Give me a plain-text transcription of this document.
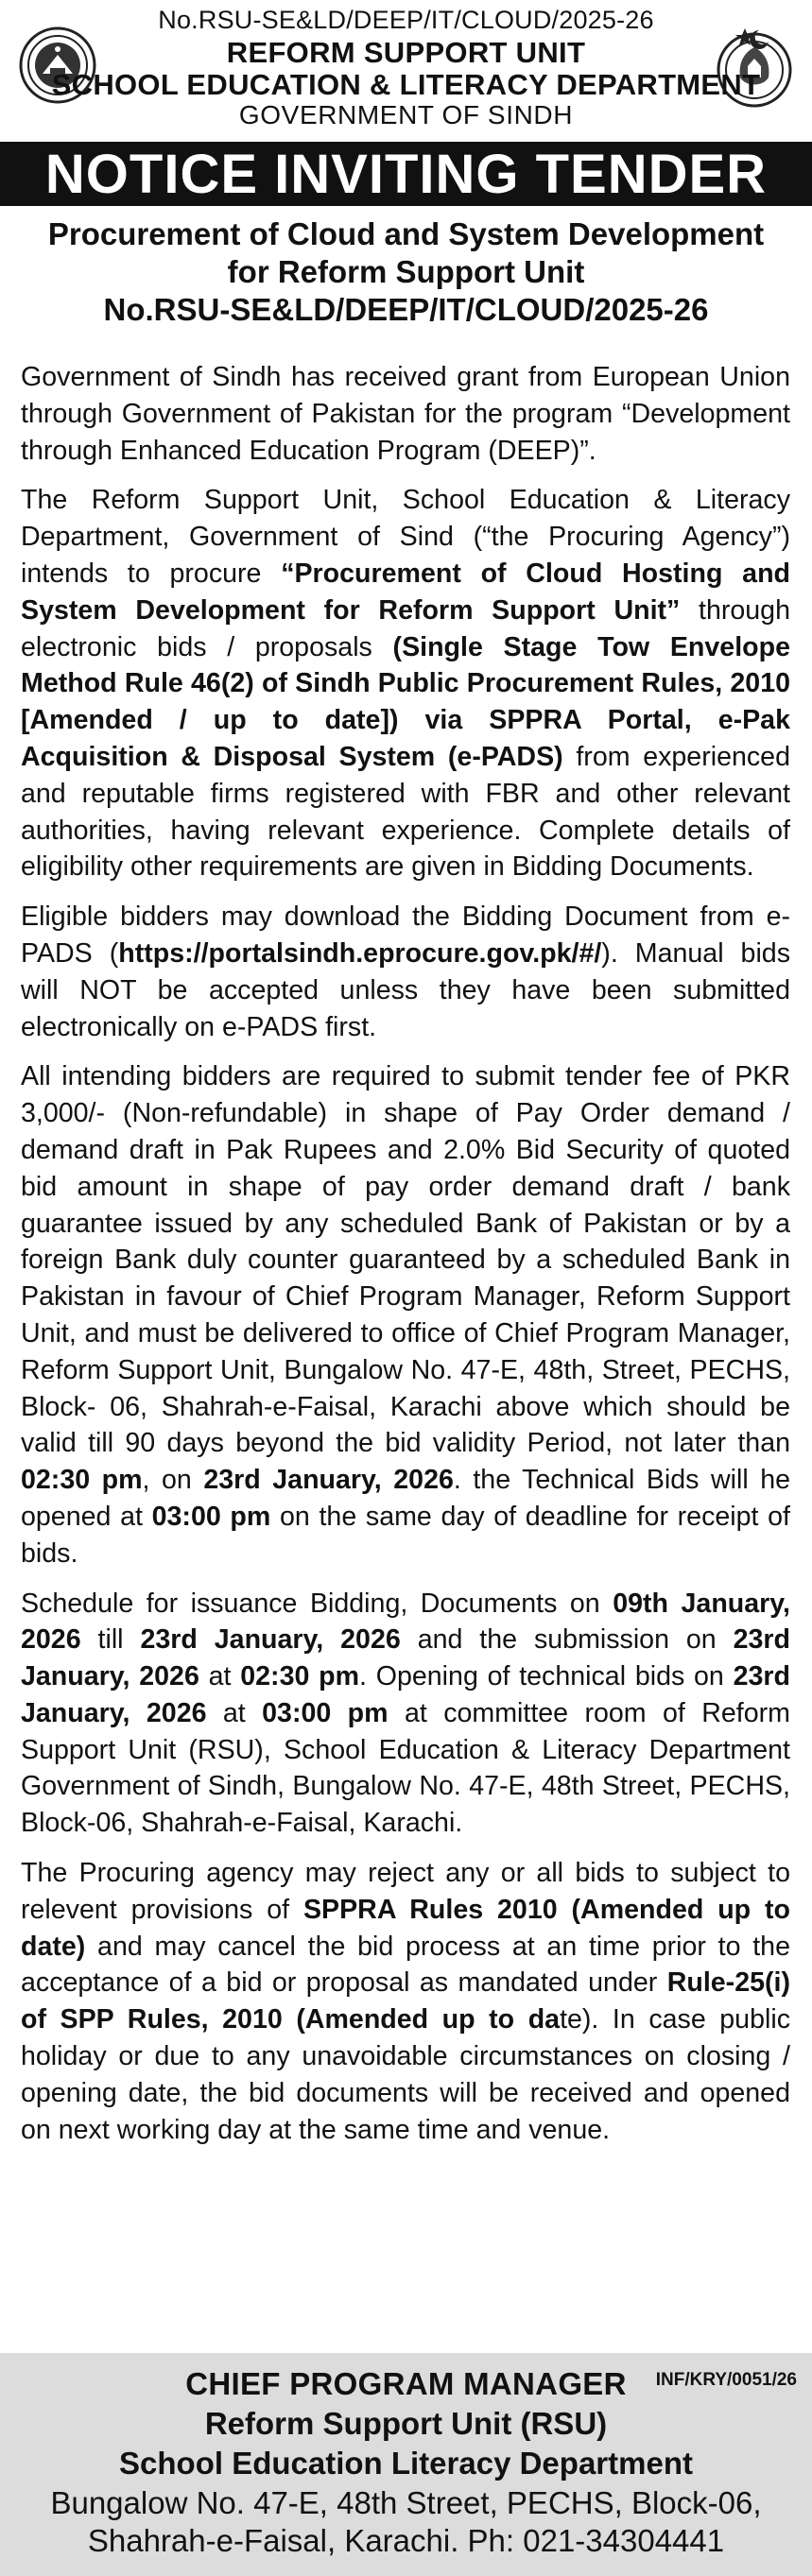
No.RSU-SE&LD/DEEP/IT/CLOUD/2025-26
REFORM SUPPORT UNIT
SCHOOL EDUCATION & LITERACY DEPARTMENT
GOVERNMENT OF SINDH
NOTICE INVITING TENDER
Procurement of Cloud and System Development
for Reform Support Unit
No.RSU-SE&LD/DEEP/IT/CLOUD/2025-26

Government of Sindh has received grant from European Union through Government of Pakistan for the program “Development through Enhanced Education Program (DEEP)”.

The Reform Support Unit, School Education & Literacy Department, Government of Sind (“the Procuring Agency”) intends to procure “Procurement of Cloud Hosting and System Development for Reform Support Unit” through electronic bids / proposals (Single Stage Tow Envelope Method Rule 46(2) of Sindh Public Procurement Rules, 2010 [Amended / up to date]) via SPPRA Portal, e-Pak Acquisition & Disposal System (e-PADS) from experienced and reputable firms registered with FBR and other relevant authorities, having relevant experience. Complete details of eligibility other requirements are given in Bidding Documents.

Eligible bidders may download the Bidding Document from e-PADS (https://portalsindh.eprocure.gov.pk/#/). Manual bids will NOT be accepted unless they have been submitted electronically on e-PADS first.

All intending bidders are required to submit tender fee of PKR 3,000/- (Non-refundable) in shape of Pay Order demand / demand draft in Pak Rupees and 2.0% Bid Security of quoted bid amount in shape of pay order demand draft / bank guarantee issued by any scheduled Bank of Pakistan or by a foreign Bank duly counter guaranteed by a scheduled Bank in Pakistan in favour of Chief Program Manager, Reform Support Unit, and must be delivered to office of Chief Program Manager, Reform Support Unit, Bungalow No. 47-E, 48th, Street, PECHS, Block- 06, Shahrah-e-Faisal, Karachi above which should be valid till 90 days beyond the bid validity Period, not later than 02:30 pm, on 23rd January, 2026. the Technical Bids will he opened at 03:00 pm on the same day of deadline for receipt of bids.

Schedule for issuance Bidding, Documents on 09th January, 2026 till 23rd January, 2026 and the submission on 23rd January, 2026 at 02:30 pm. Opening of technical bids on 23rd January, 2026 at 03:00 pm at committee room of Reform Support Unit (RSU), School Education & Literacy Department Government of Sindh, Bungalow No. 47-E, 48th Street, PECHS, Block-06, Shahrah-e-Faisal, Karachi.

The Procuring agency may reject any or all bids to subject to relevent provisions of SPPRA Rules 2010 (Amended up to date) and may cancel the bid process at an time prior to the acceptance of a bid or proposal as mandated under Rule-25(i) of SPP Rules, 2010 (Amended up to date). In case public holiday or due to any unavoidable circumstances on closing / opening date, the bid documents will be received and opened on next working day at the same time and venue.

CHIEF PROGRAM MANAGER	INF/KRY/0051/26
Reform Support Unit (RSU)
School Education Literacy Department
Bungalow No. 47-E, 48th Street, PECHS, Block-06,
Shahrah-e-Faisal, Karachi. Ph: 021-34304441
